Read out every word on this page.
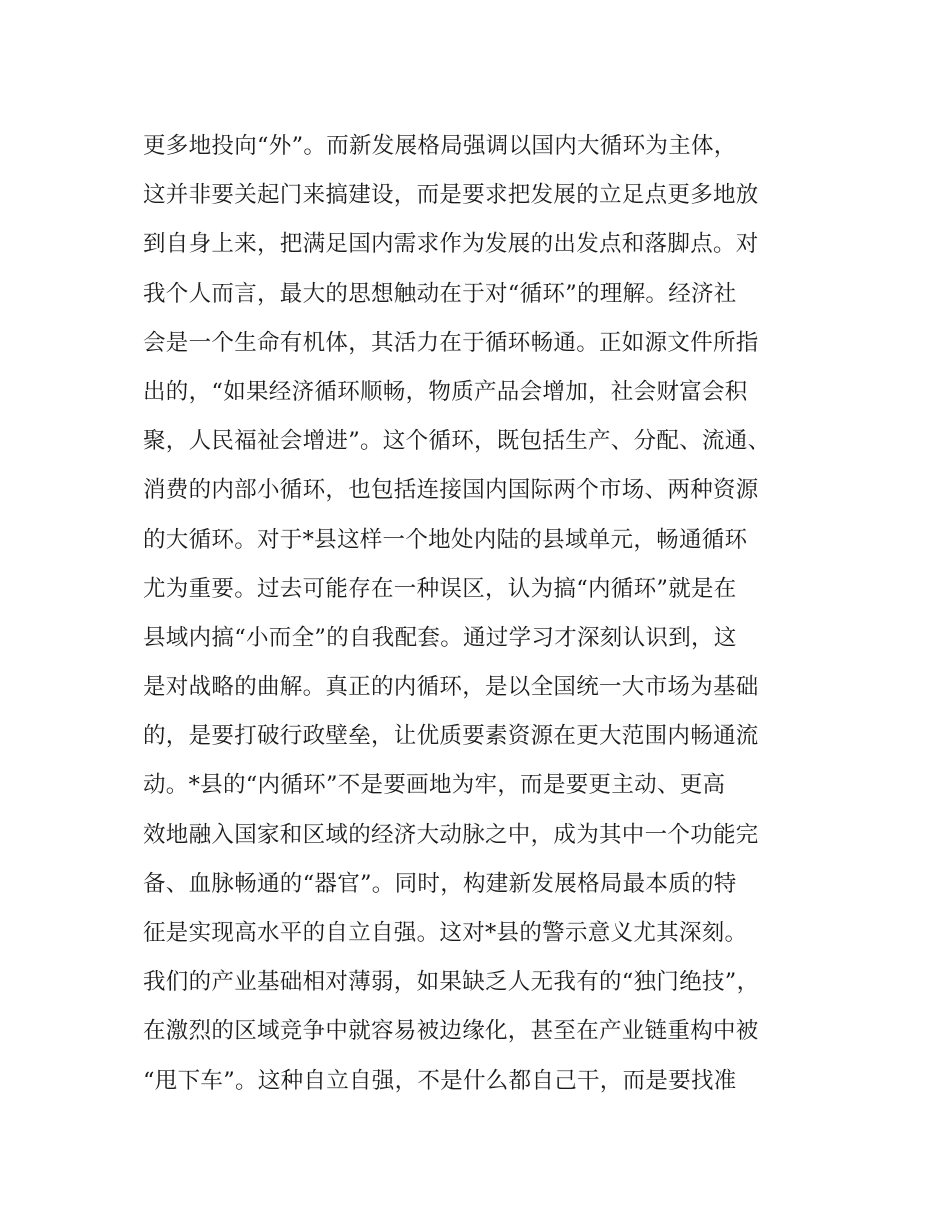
更多地投向“外”。而新发展格局强调以国内大循环为主体，
这并非要关起门来搞建设，而是要求把发展的立足点更多地放
到自身上来，把满足国内需求作为发展的出发点和落脚点。对
我个人而言，最大的思想触动在于对“循环”的理解。经济社
会是一个生命有机体，其活力在于循环畅通。正如源文件所指
出的，“如果经济循环顺畅，物质产品会增加，社会财富会积
聚，人民福祉会增进”。这个循环，既包括生产、分配、流通、
消费的内部小循环，也包括连接国内国际两个市场、两种资源
的大循环。对于*县这样一个地处内陆的县域单元，畅通循环
尤为重要。过去可能存在一种误区，认为搞“内循环”就是在
县域内搞“小而全”的自我配套。通过学习才深刻认识到，这
是对战略的曲解。真正的内循环，是以全国统一大市场为基础
的，是要打破行政壁垒，让优质要素资源在更大范围内畅通流
动。*县的“内循环”不是要画地为牢，而是要更主动、更高
效地融入国家和区域的经济大动脉之中，成为其中一个功能完
备、血脉畅通的“器官”。同时，构建新发展格局最本质的特
征是实现高水平的自立自强。这对*县的警示意义尤其深刻。
我们的产业基础相对薄弱，如果缺乏人无我有的“独门绝技”，
在激烈的区域竞争中就容易被边缘化，甚至在产业链重构中被
“甩下车”。这种自立自强，不是什么都自己干，而是要找准
